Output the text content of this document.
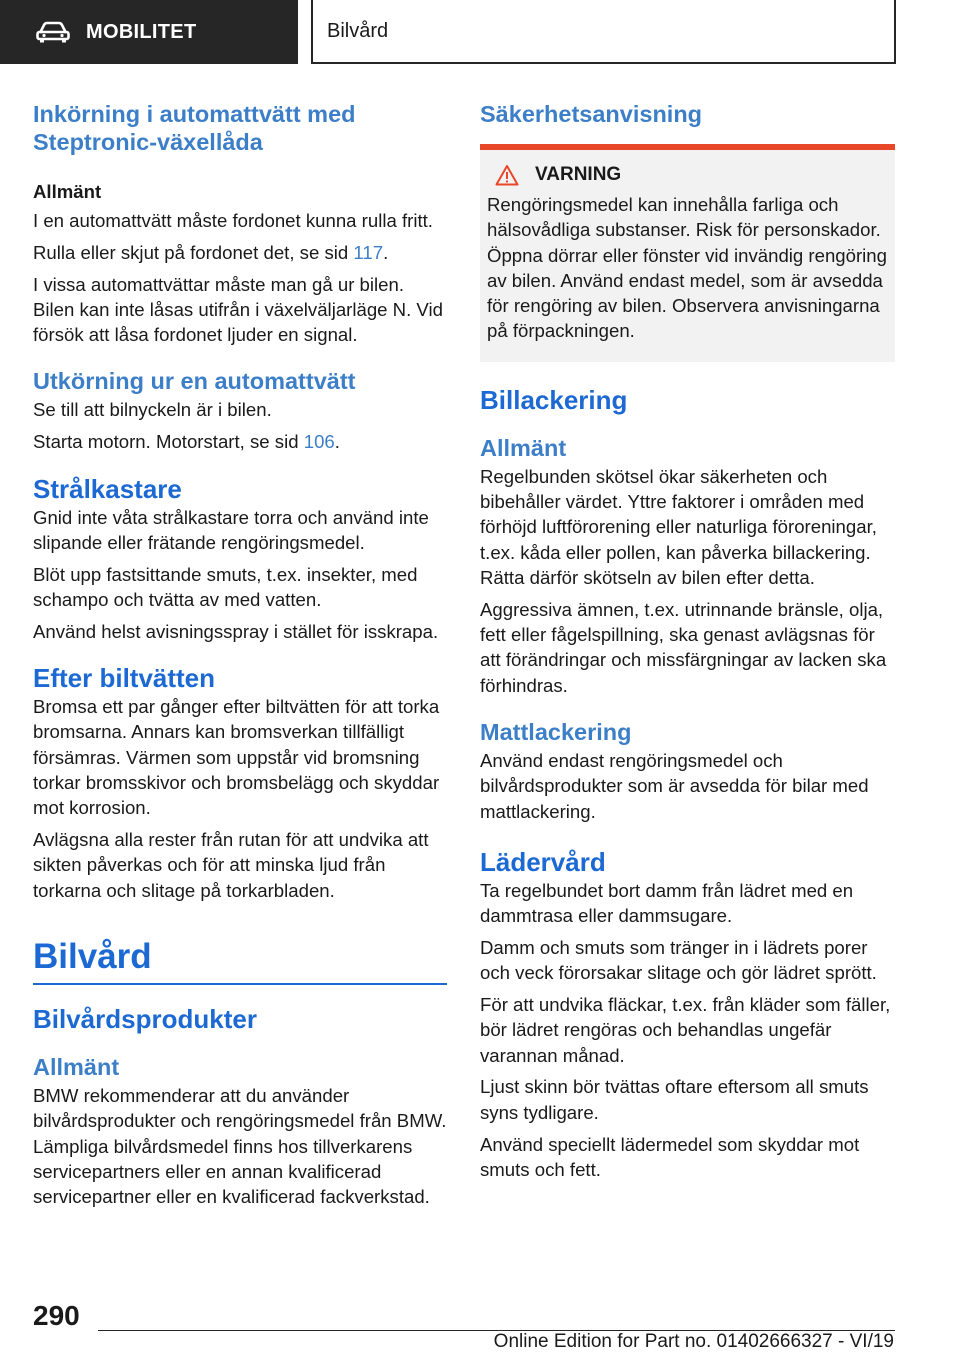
MOBILITET	Bilvård
Inkörning i automattvätt med Steptronic-växellåda
Allmänt

I en automattvätt måste fordonet kunna rulla fritt.

Rulla eller skjut på fordonet det, se sid 117.

I vissa automattvättar måste man gå ur bilen. Bilen kan inte låsas utifrån i växelväljarläge N. Vid försök att låsa fordonet ljuder en signal.

Utkörning ur en automattvätt

Se till att bilnyckeln är i bilen.

Starta motorn. Motorstart, se sid 106.

Strålkastare

Gnid inte våta strålkastare torra och använd inte slipande eller frätande rengöringsmedel.

Blöt upp fastsittande smuts, t.ex. insekter, med schampo och tvätta av med vatten.

Använd helst avisningsspray i stället för isskrapa.

Efter biltvätten

Bromsa ett par gånger efter biltvätten för att torka bromsarna. Annars kan bromsverkan tillfälligt försämras. Värmen som uppstår vid bromsning torkar bromsskivor och bromsbelägg och skyddar mot korrosion.

Avlägsna alla rester från rutan för att undvika att sikten påverkas och för att minska ljud från torkarna och slitage på torkarbladen.

Bilvård
Bilvårdsprodukter
Allmänt

BMW rekommenderar att du använder bilvårdsprodukter och rengöringsmedel från BMW. Lämpliga bilvårdsmedel finns hos tillverkarens servicepartners eller en annan kvalificerad servicepartner eller en kvalificerad fackverkstad.

Säkerhetsanvisning
VARNING

Rengöringsmedel kan innehålla farliga och hälsovådliga substanser. Risk för personskador. Öppna dörrar eller fönster vid invändig rengöring av bilen. Använd endast medel, som är avsedda för rengöring av bilen. Observera anvisningarna på förpackningen.

Billackering
Allmänt

Regelbunden skötsel ökar säkerheten och bibehåller värdet. Yttre faktorer i områden med förhöjd luftförorening eller naturliga föroreningar, t.ex. kåda eller pollen, kan påverka billackering. Rätta därför skötseln av bilen efter detta.

Aggressiva ämnen, t.ex. utrinnande bränsle, olja, fett eller fågelspillning, ska genast avlägsnas för att förändringar och missfärgningar av lacken ska förhindras.

Mattlackering

Använd endast rengöringsmedel och bilvårdsprodukter som är avsedda för bilar med mattlackering.

Lädervård

Ta regelbundet bort damm från lädret med en dammtrasa eller dammsugare.

Damm och smuts som tränger in i lädrets porer och veck förorsakar slitage och gör lädret sprött.

För att undvika fläckar, t.ex. från kläder som fäller, bör lädret rengöras och behandlas ungefär varannan månad.

Ljust skinn bör tvättas oftare eftersom all smuts syns tydligare.

Använd speciellt lädermedel som skyddar mot smuts och fett.

290
Online Edition for Part no. 01402666327 - VI/19
